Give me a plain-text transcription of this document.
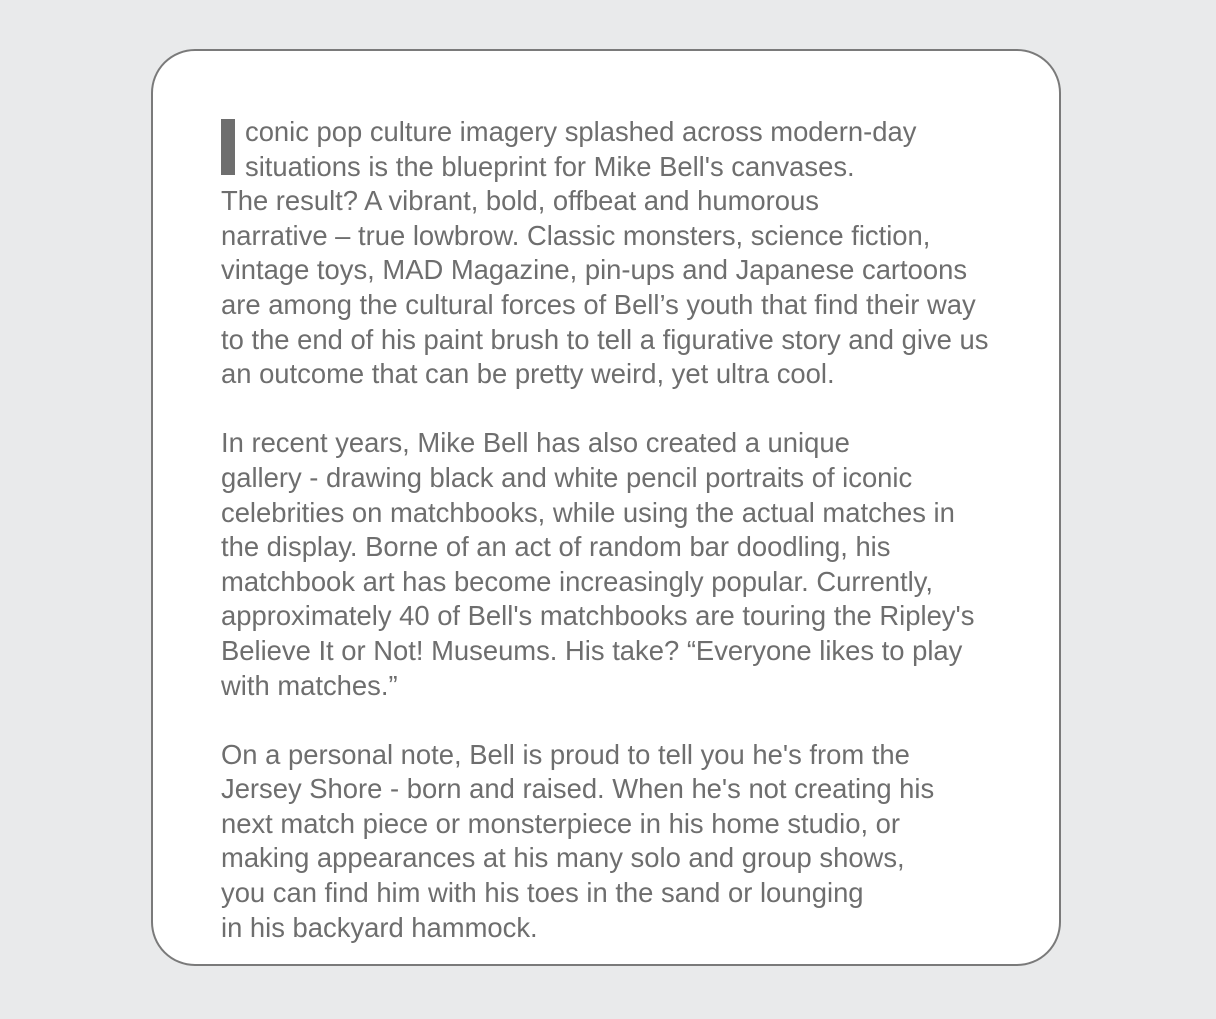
conic pop culture imagery splashed across modern-day
situations is the blueprint for Mike Bell's canvases.
The result? A vibrant, bold, offbeat and humorous
narrative – true lowbrow. Classic monsters, science fiction,
vintage toys, MAD Magazine, pin-ups and Japanese cartoons
are among the cultural forces of Bell’s youth that find their way
to the end of his paint brush to tell a figurative story and give us
an outcome that can be pretty weird, yet ultra cool.
In recent years, Mike Bell has also created a unique
gallery - drawing black and white pencil portraits of iconic
celebrities on matchbooks, while using the actual matches in
the display. Borne of an act of random bar doodling, his
matchbook art has become increasingly popular. Currently,
approximately 40 of Bell's matchbooks are touring the Ripley's
Believe It or Not! Museums. His take? “Everyone likes to play
with matches.”
On a personal note, Bell is proud to tell you he's from the
Jersey Shore - born and raised. When he's not creating his
next match piece or monsterpiece in his home studio, or
making appearances at his many solo and group shows,
you can find him with his toes in the sand or lounging
in his backyard hammock.
